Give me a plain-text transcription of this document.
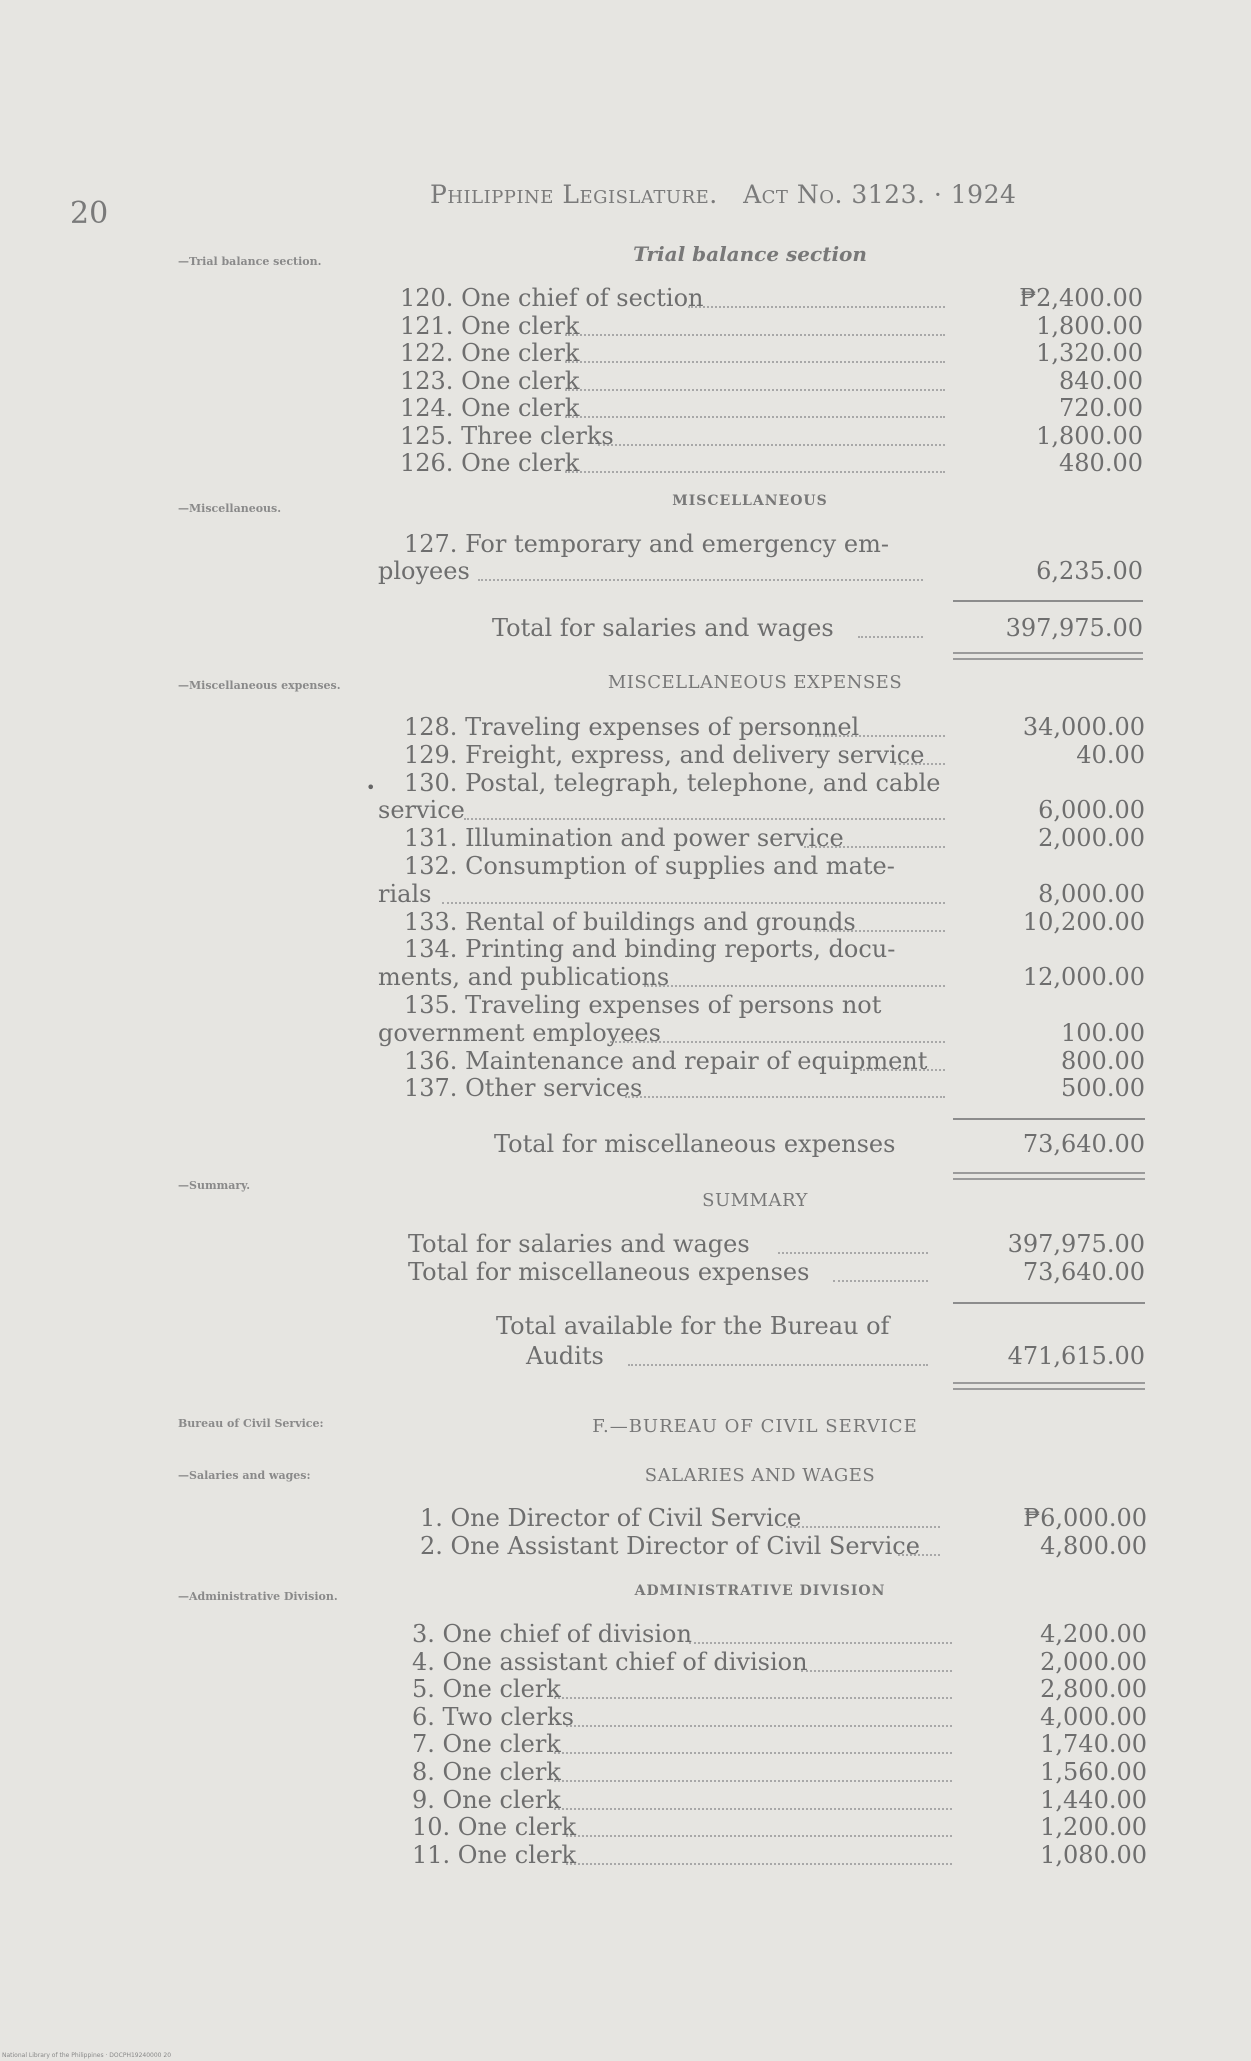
20
Philippine Legislature. Act No. 3123. · 1924
—Trial balance section.
—Miscellaneous.
—Miscellaneous expenses.
—Summary.
Bureau of Civil Service:
—Salaries and wages:
—Administrative Division.
Trial balance section
120. One chief of section	₱2,400.00
121. One clerk	1,800.00
122. One clerk	1,320.00
123. One clerk	840.00
124. One clerk	720.00
125. Three clerks	1,800.00
126. One clerk	480.00
MISCELLANEOUS
127. For temporary and emergency em-
ployees	6,235.00
Total for salaries and wages	397,975.00
MISCELLANEOUS EXPENSES
•
128. Traveling expenses of personnel	34,000.00
129. Freight, express, and delivery service	40.00
130. Postal, telegraph, telephone, and cable
service	6,000.00
131. Illumination and power service	2,000.00
132. Consumption of supplies and mate-
rials	8,000.00
133. Rental of buildings and grounds	10,200.00
134. Printing and binding reports, docu-
ments, and publications	12,000.00
135. Traveling expenses of persons not
government employees	100.00
136. Maintenance and repair of equipment	800.00
137. Other services	500.00
Total for miscellaneous expenses	73,640.00
SUMMARY
Total for salaries and wages	397,975.00
Total for miscellaneous expenses	73,640.00
Total available for the Bureau of
Audits	471,615.00
F.—BUREAU OF CIVIL SERVICE
SALARIES AND WAGES
1. One Director of Civil Service	₱6,000.00
2. One Assistant Director of Civil Service	4,800.00
ADMINISTRATIVE DIVISION
3. One chief of division	4,200.00
4. One assistant chief of division	2,000.00
5. One clerk	2,800.00
6. Two clerks	4,000.00
7. One clerk	1,740.00
8. One clerk	1,560.00
9. One clerk	1,440.00
10. One clerk	1,200.00
11. One clerk	1,080.00
National Library of the Philippines · DOCPH19240000 20
